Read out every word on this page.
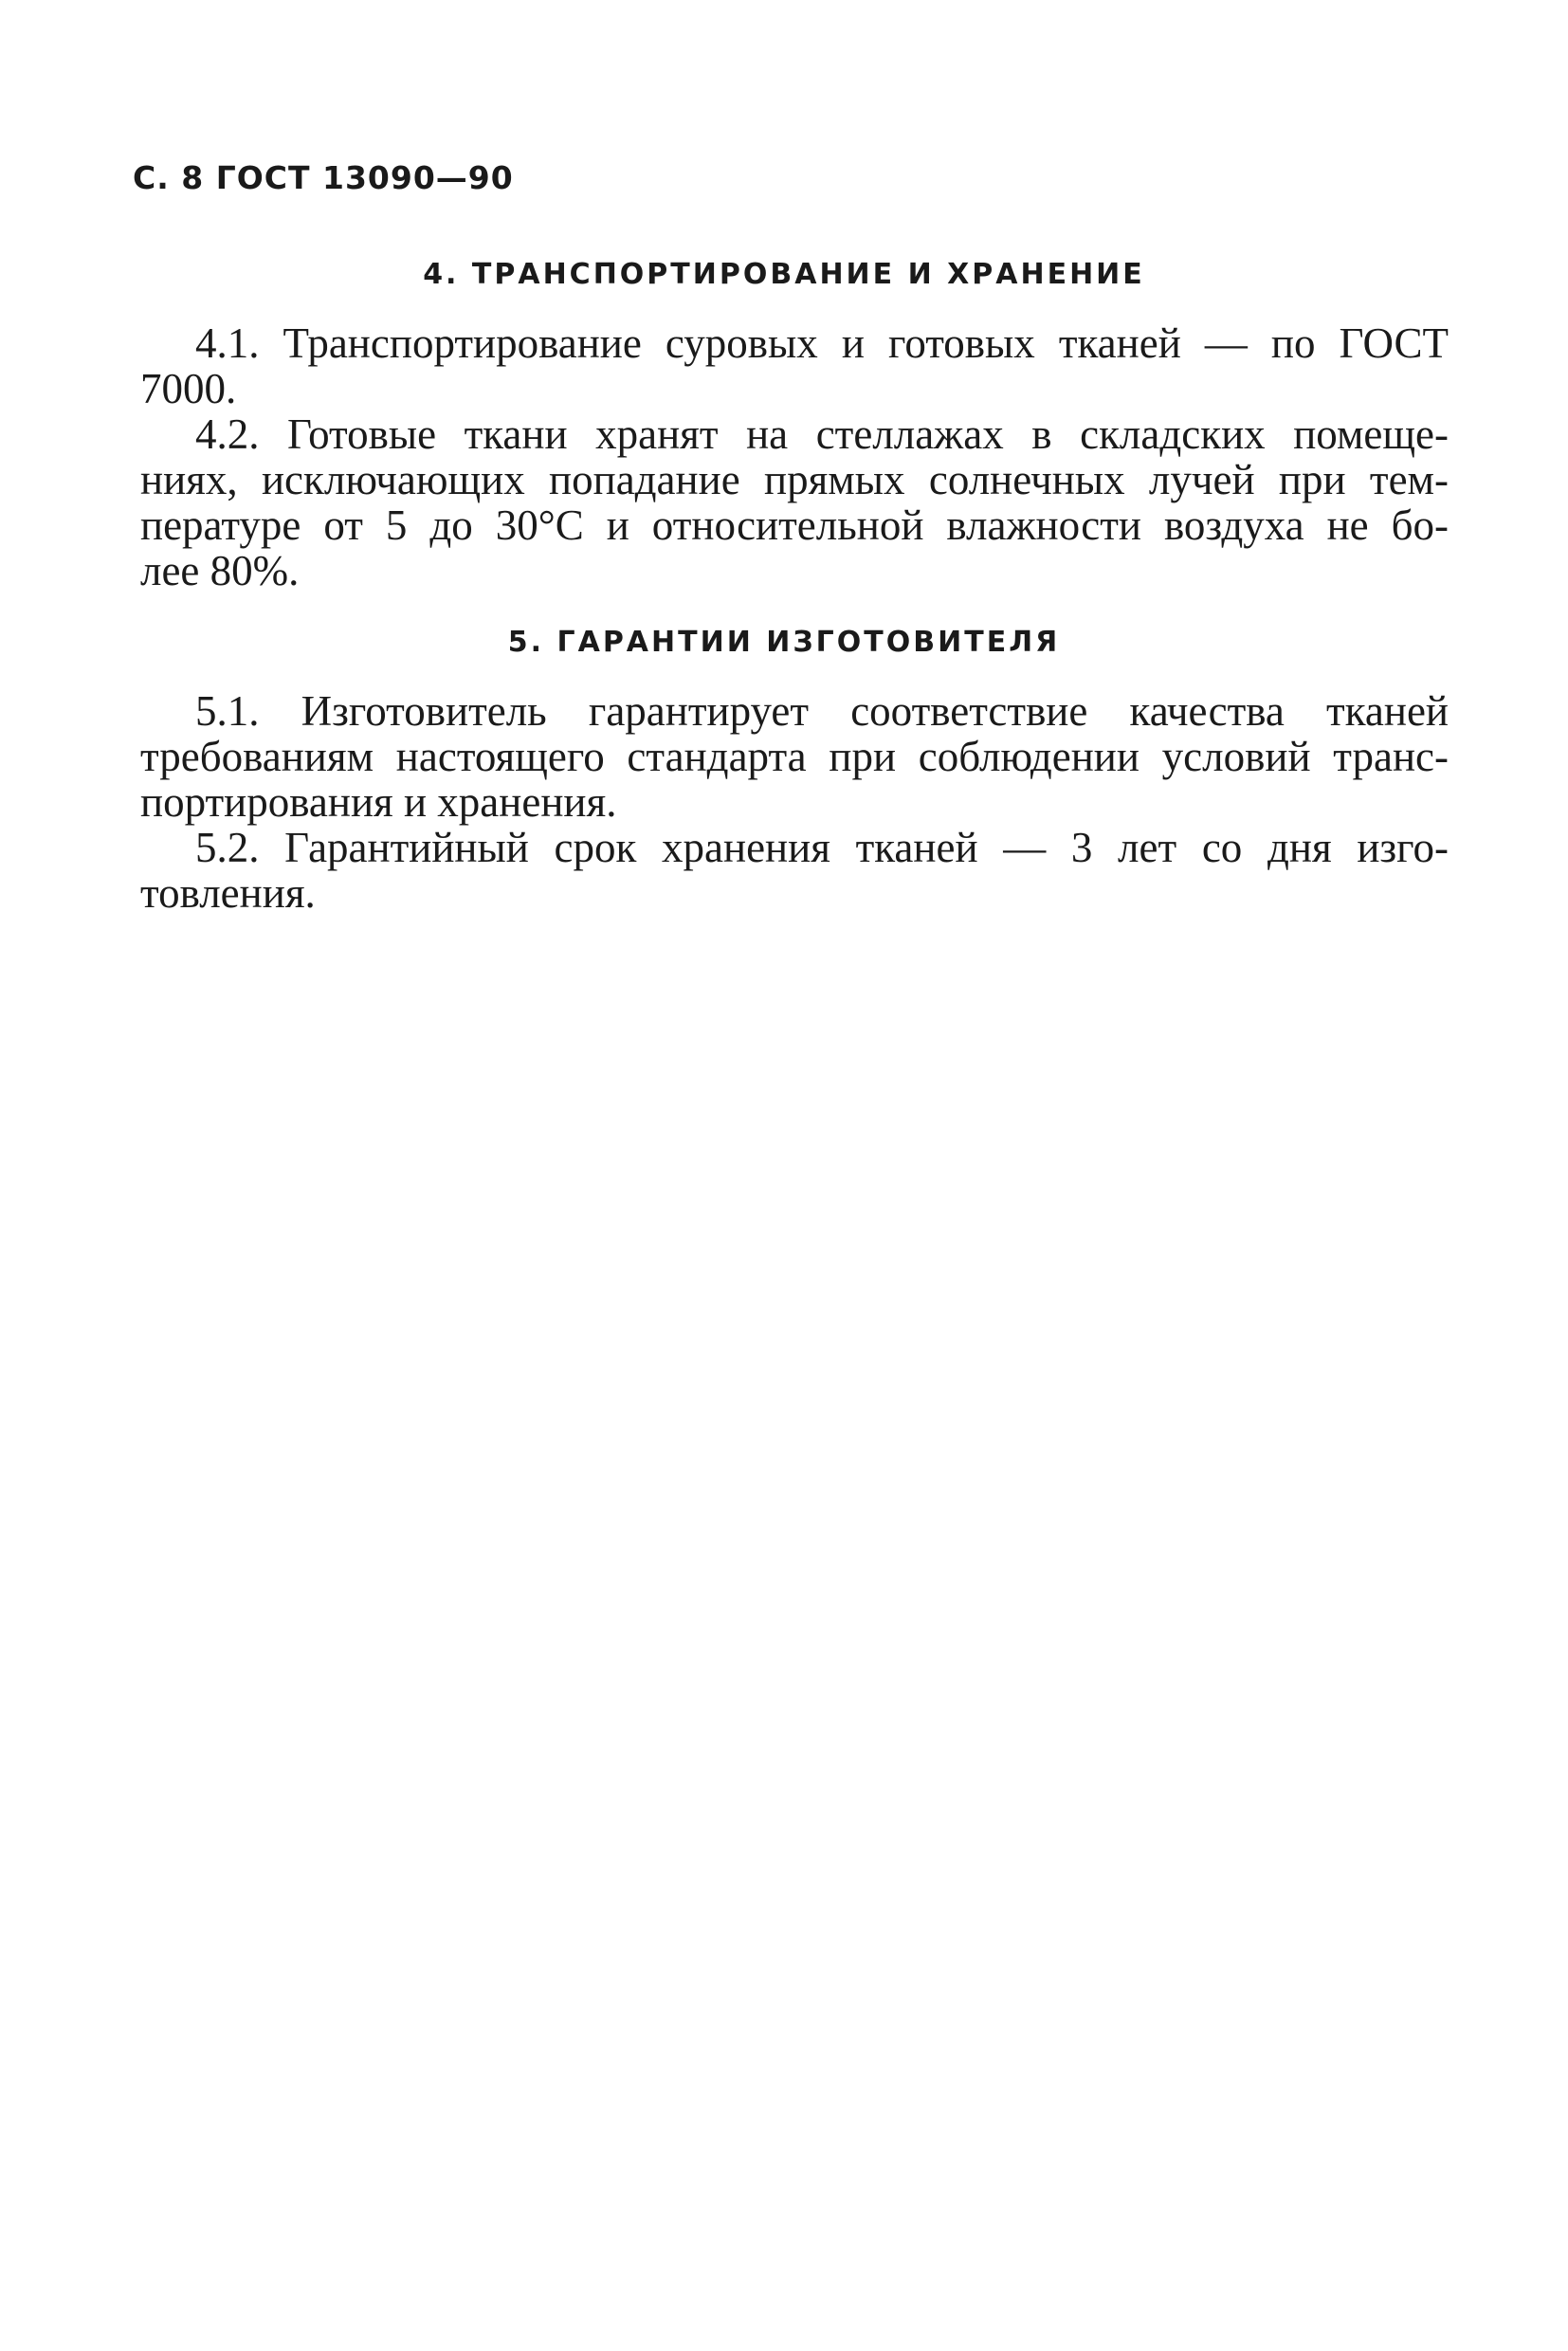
С. 8 ГОСТ 13090—90
4. ТРАНСПОРТИРОВАНИЕ И ХРАНЕНИЕ
4.1. Транспортирование суровых и готовых тканей — по ГОСТ
7000.
4.2. Готовые ткани хранят на стеллажах в складских помеще-
ниях, исключающих попадание прямых солнечных лучей при тем-
пературе от 5 до 30°С и относительной влажности воздуха не бо-
лее 80%.
5. ГАРАНТИИ ИЗГОТОВИТЕЛЯ
5.1. Изготовитель гарантирует соответствие качества тканей
требованиям настоящего стандарта при соблюдении условий транс-
портирования и хранения.
5.2. Гарантийный срок хранения тканей — 3 лет со дня изго-
товления.
